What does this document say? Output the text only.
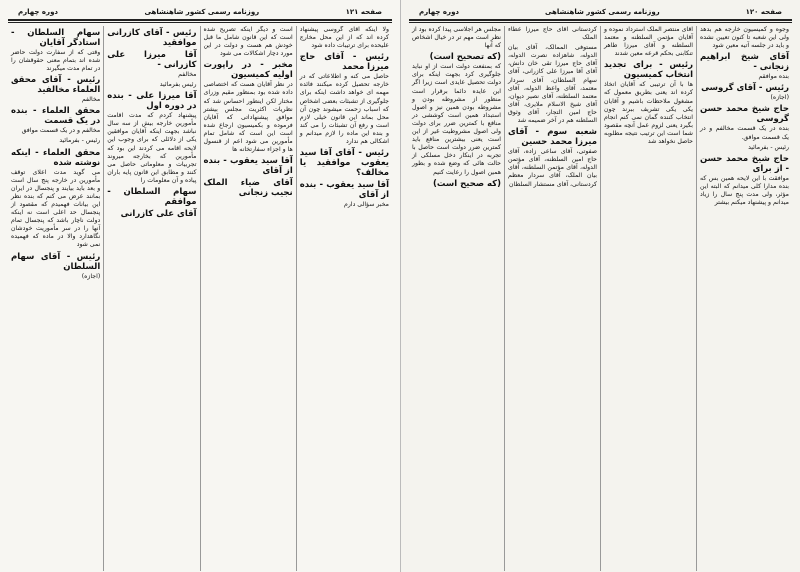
صفحه ۱۲۱
روزنامه رسمی کشور شاهنشاهی
دوره چهارم

ولا اینکه آقای گروسی پیشنهاد کرده اند که از این محل مخارج علیحده برای ترتیبات داده شود

رئیس - آقای حاج میرزا محمد

حاصل می کنه و اطلاعاتی که در خارجه تحصیل کرده میکنند فائده مهمه ای خواهد داشت اینکه برای جلوگیری از تشبثات بعضی اشخاص که اسباب زحمت میشوند چون آن محل بماند این قانون خیلی لازم است و رفع آن تشبثات را می کند و بنده این ماده را لازم میدانم و اشکالی هم ندارد

رئیس - آقای آقا سید یعقوب موافقید یا مخالف؟
آقا سید یعقوب - بنده از آقای

مخبر سؤالی دارم

است و دیگر اینکه تصریح شده است که این قانون شامل ما قبل خودش هم هست و دولت در این مورد دچار اشکالات می شود

مخبر - در راپورت اولیه کمیسیون

در نظر آقایان هست که اختصاصی داده شده بود بمنظور مقیم وزرای مختار لکن اینطور احساس شد که نظریات اکثریت مجلس بیشتر موافق پیشنهاداتی که آقایان فرموده و بکمیسیون ارجاع شده است این است که شامل تمام مأمورین می شود اعم از قنسول ها و اجزاء سفارتخانه ها

آقا سید یعقوب - بنده از آقای
آقای ضیاء الملک نجیب زنجانی
رئیس - آقای کازرانی موافقید
آقا میرزا علی کازرانی -

مخالفم

رئیس بفرمائید

آقا میرزا علی - بنده در دوره اول

پیشنهاد کردم که مدت اقامت مأمورین خارجه بیش از سه سال نباشد بجهت اینکه آقایان موافقین یکی از دلائلی که برای وجوب این لایحه اقامه می کردند این بود که مأمورین که بخارجه میروند تجربیات و معلوماتی حاصل می کنند و مطابق این قانون پایه باران پیاده و آن معلومات را

سهام السلطان - موافقم
آقای علی کازرانی
سهام السلطان - استادگر آقایان

وقتی که از سفارت دولت حاضر شده اند بتمام معنی حقوقشان را در تمام مدت میگیرند

رئیس - آقای محقق العلماء مخالفید

مخالفم

محقق العلماء - بنده در یک قسمت

مخالفم و در یک قسمت موافق

رئیس - بفرمائید

محقق العلماء - اینکه نوشته شده

می گوید مدت اعلای توقف مأمورین در خارجه پنج سال است و بعد باید بیایند و پنجسال در ایران بمانند عرض می کنم که بنده نظر این بیانات فهمیدم که مقصود از پنجسال حد اعلی است نه اینکه دولت ناچار باشد که پنجسال تمام آنها را در سر مأموریت خودشان نگاهدارد والا در ماده که فهمیده نمی شود

رئیس - آقای سهام السلطان

(اجازه)

صفحه ۱۲۰
روزنامه رسمی کشور شاهنشاهی
دوره چهارم

وجوه و کمیسیون خارجه هم بدهد ولی این شعبه تا کنون تعیین نشده و باید در جلسه آتیه معین شود

آقای شیخ ابراهیم زنجانی -

بنده موافقم

رئیس - آقای گروسی

(اجازه)

حاج شیخ محمد حسن گروسی

بنده در یک قسمت مخالفم و در یک قسمت موافق.

رئیس - بفرمائید

حاج شیخ محمد حسن - از برای

موافقت با این لایحه همین بس که بنده مدارا کلی میدانم که البته این مؤثر، ولی مدت پنج سال را زیاد میدانم و پیشنهاد میکنم بیشتر

آقای منتصر الملک استرداد نموده و آقایان مؤتمن السلطنه و معتمد السلطنه و آقای میرزا طاهر تنکابنی بحکم قرعه معین شدند

رئیس - برای تجدید انتخاب کمیسیون

ها با آن ترتیبی که آقایان اتخاذ کرده اند یعنی بطریق معمول که مشغول ملاحظات باشیم و آقایان یکی یکی تشریف ببرند چون انتخاب کننده گمان نمی کنم انجام بگیرد یعنی لزوم عمل آنچه مقصود شما است این ترتیب نتیجه مطلوبه حاصل نخواهد شد

کردستانی آقای حاج میرزا عطاء الملک

مستوفی الممالک، آقای بیان الدوله، شاهزاده نصرت الدوله، آقای حاج میرزا تقی خان دانش، آقای آقا میرزا علی کازرانی، آقای سهام السلطان، آقای سردار معتمد، آقای واعظ الدوله، آقای معتمد السلطنه، آقای نصیر دیوان، آقای شیخ الاسلام ملایری، آقای حاج امین التجار، آقای وثوق السلطنه هم در آخر ضمیمه شد

شعبه سوم - آقای میرزا محمد حسین

صفوتی، آقای ساعی زاده، آقای حاج امین السلطنه، آقای مؤتمن الدوله، آقای مؤتمن السلطنه، آقای بیان الملک، آقای سردار معظم کردستانی، آقای مستشار السلطان

مجلس هر اجلاسی پیدا کرده بود از نظر است مهم تر در خیال اشخاص که آنها

(که تصحیح است)

که بمنفعت دولت است از او نباید جلوگیری کرد بجهت اینکه برای دولت تحصیل عایدی است زیرا اگر این عایده دائما برقرار است منظور از مشروطه بودن و مشروطه بودن همین نیز و اصول استبداد همین است کوششی در منافع با کمترین ضرر برای دولت ولی اصول مشروطیت غیر از این است یعنی بیشترین منافع باید کمترین ضرر دولت است حاصل با تجربه در اینکار دخل مسلکی از حالت هائی که وضع شده و بطور همین اصول را رعایت کنیم

(که صحیح است)
